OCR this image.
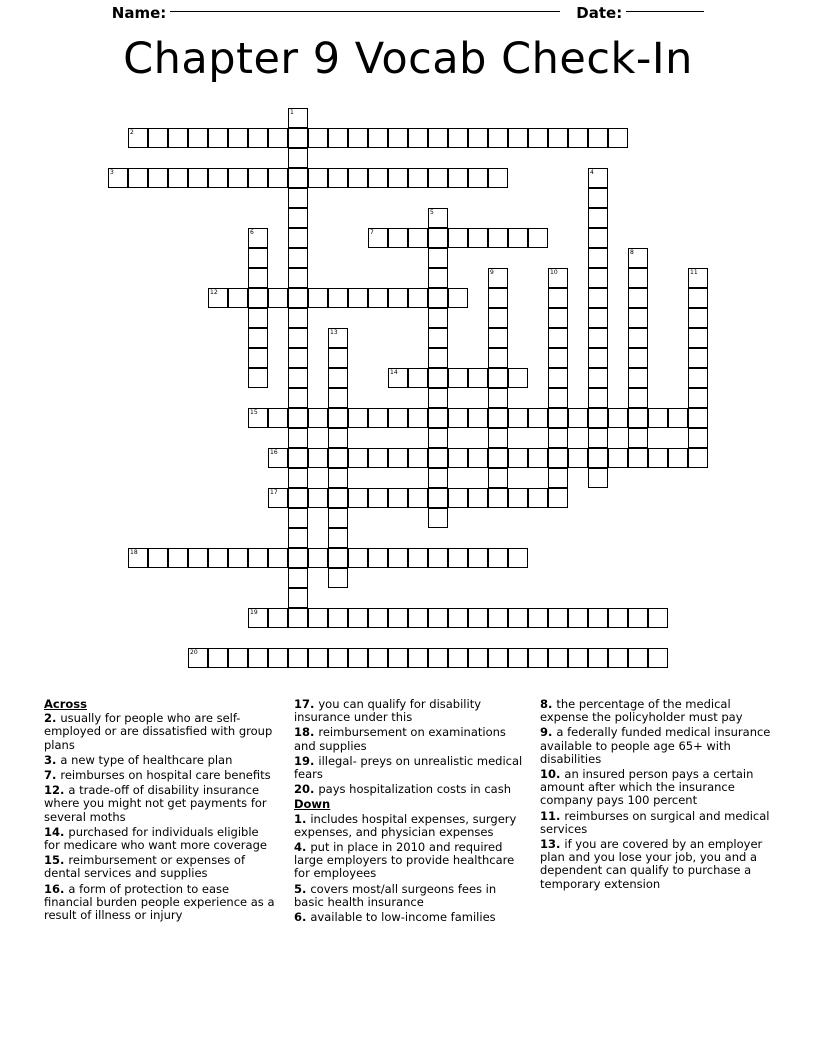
Name:	Date:
Chapter 9 Vocab Check-In
1
2
3	4
5
6	7
8
9	10	11
12
13
14
15
16
17
18
19
20
Across
2. usually for people who are self-employed or are dissatisfied with group plans
3. a new type of healthcare plan
7. reimburses on hospital care benefits
12. a trade-off of disability insurance where you might not get payments for several moths
14. purchased for individuals eligible for medicare who want more coverage
15. reimbursement or expenses of dental services and supplies
16. a form of protection to ease financial burden people experience as a result of illness or injury
17. you can qualify for disability insurance under this
18. reimbursement on examinations and supplies
19. illegal- preys on unrealistic medical fears
20. pays hospitalization costs in cash
Down
1. includes hospital expenses, surgery expenses, and physician expenses
4. put in place in 2010 and required large employers to provide healthcare for employees
5. covers most/all surgeons fees in basic health insurance
6. available to low-income families
8. the percentage of the medical expense the policyholder must pay
9. a federally funded medical insurance available to people age 65+ with disabilities
10. an insured person pays a certain amount after which the insurance company pays 100 percent
11. reimburses on surgical and medical services
13. if you are covered by an employer plan and you lose your job, you and a dependent can qualify to purchase a temporary extension
